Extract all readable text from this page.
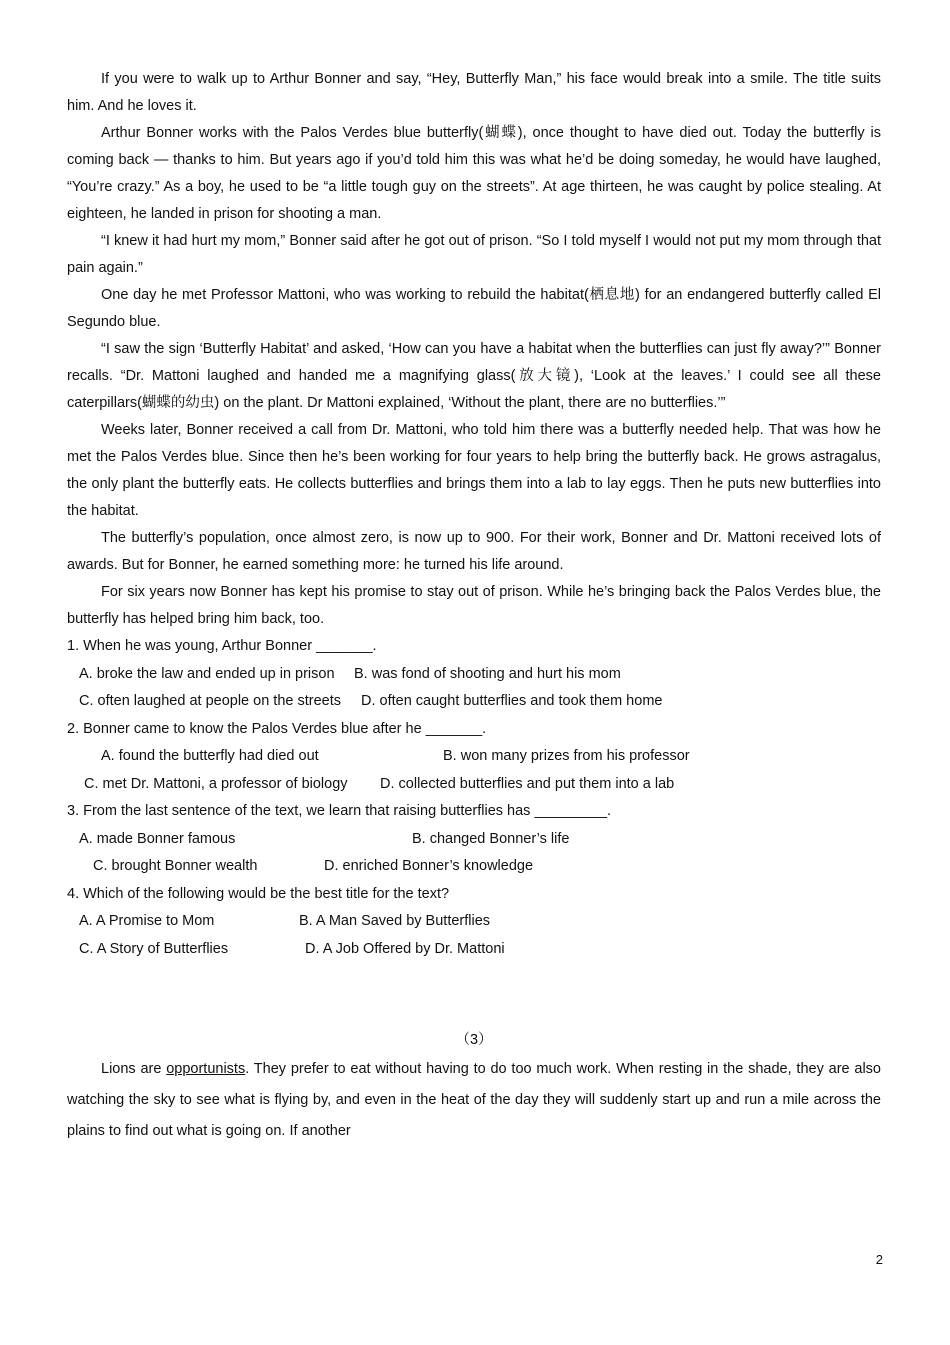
If you were to walk up to Arthur Bonner and say, “Hey, Butterfly Man,” his face would break into a smile. The title suits him. And he loves it.

Arthur Bonner works with the Palos Verdes blue butterfly(蝴蝶), once thought to have died out. Today the butterfly is coming back — thanks to him. But years ago if you’d told him this was what he’d be doing someday, he would have laughed, “You’re crazy.” As a boy, he used to be “a little tough guy on the streets”. At age thirteen, he was caught by police stealing. At eighteen, he landed in prison for shooting a man.

“I knew it had hurt my mom,” Bonner said after he got out of prison. “So I told myself I would not put my mom through that pain again.”

One day he met Professor Mattoni, who was working to rebuild the habitat(栖息地) for an endangered butterfly called El Segundo blue.

“I saw the sign ‘Butterfly Habitat’ and asked, ‘How can you have a habitat when the butterflies can just fly away?’” Bonner recalls. “Dr. Mattoni laughed and handed me a magnifying glass(放大镜), ‘Look at the leaves.’ I could see all these caterpillars(蝴蝶的幼虫) on the plant. Dr Mattoni explained, ‘Without the plant, there are no butterflies.’”

Weeks later, Bonner received a call from Dr. Mattoni, who told him there was a butterfly needed help. That was how he met the Palos Verdes blue. Since then he’s been working for four years to help bring the butterfly back. He grows astragalus, the only plant the butterfly eats. He collects butterflies and brings them into a lab to lay eggs. Then he puts new butterflies into the habitat.

The butterfly’s population, once almost zero, is now up to 900. For their work, Bonner and Dr. Mattoni received lots of awards. But for Bonner, he earned something more: he turned his life around.

For six years now Bonner has kept his promise to stay out of prison. While he’s bringing back the Palos Verdes blue, the butterfly has helped bring him back, too.

1. When he was young, Arthur Bonner _______.

A. broke the law and ended up in prison B. was fond of shooting and hurt his mom

C. often laughed at people on the streets D. often caught butterflies and took them home

2. Bonner came to know the Palos Verdes blue after he _______.

A. found the butterfly had died out	B. won many prizes from his professor

C. met Dr. Mattoni, a professor of biology D. collected butterflies and put them into a lab

3. From the last sentence of the text, we learn that raising butterflies has _________.

A. made Bonner famous	B. changed Bonner’s life

C. brought Bonner wealth	D. enriched Bonner’s knowledge

4. Which of the following would be the best title for the text?

A. A Promise to Mom	B. A Man Saved by Butterflies

C. A Story of Butterflies	D. A Job Offered by Dr. Mattoni

（3）

Lions are opportunists. They prefer to eat without having to do too much work. When resting in the shade, they are also watching the sky to see what is flying by, and even in the heat of the day they will suddenly start up and run a mile across the plains to find out what is going on. If another

2
